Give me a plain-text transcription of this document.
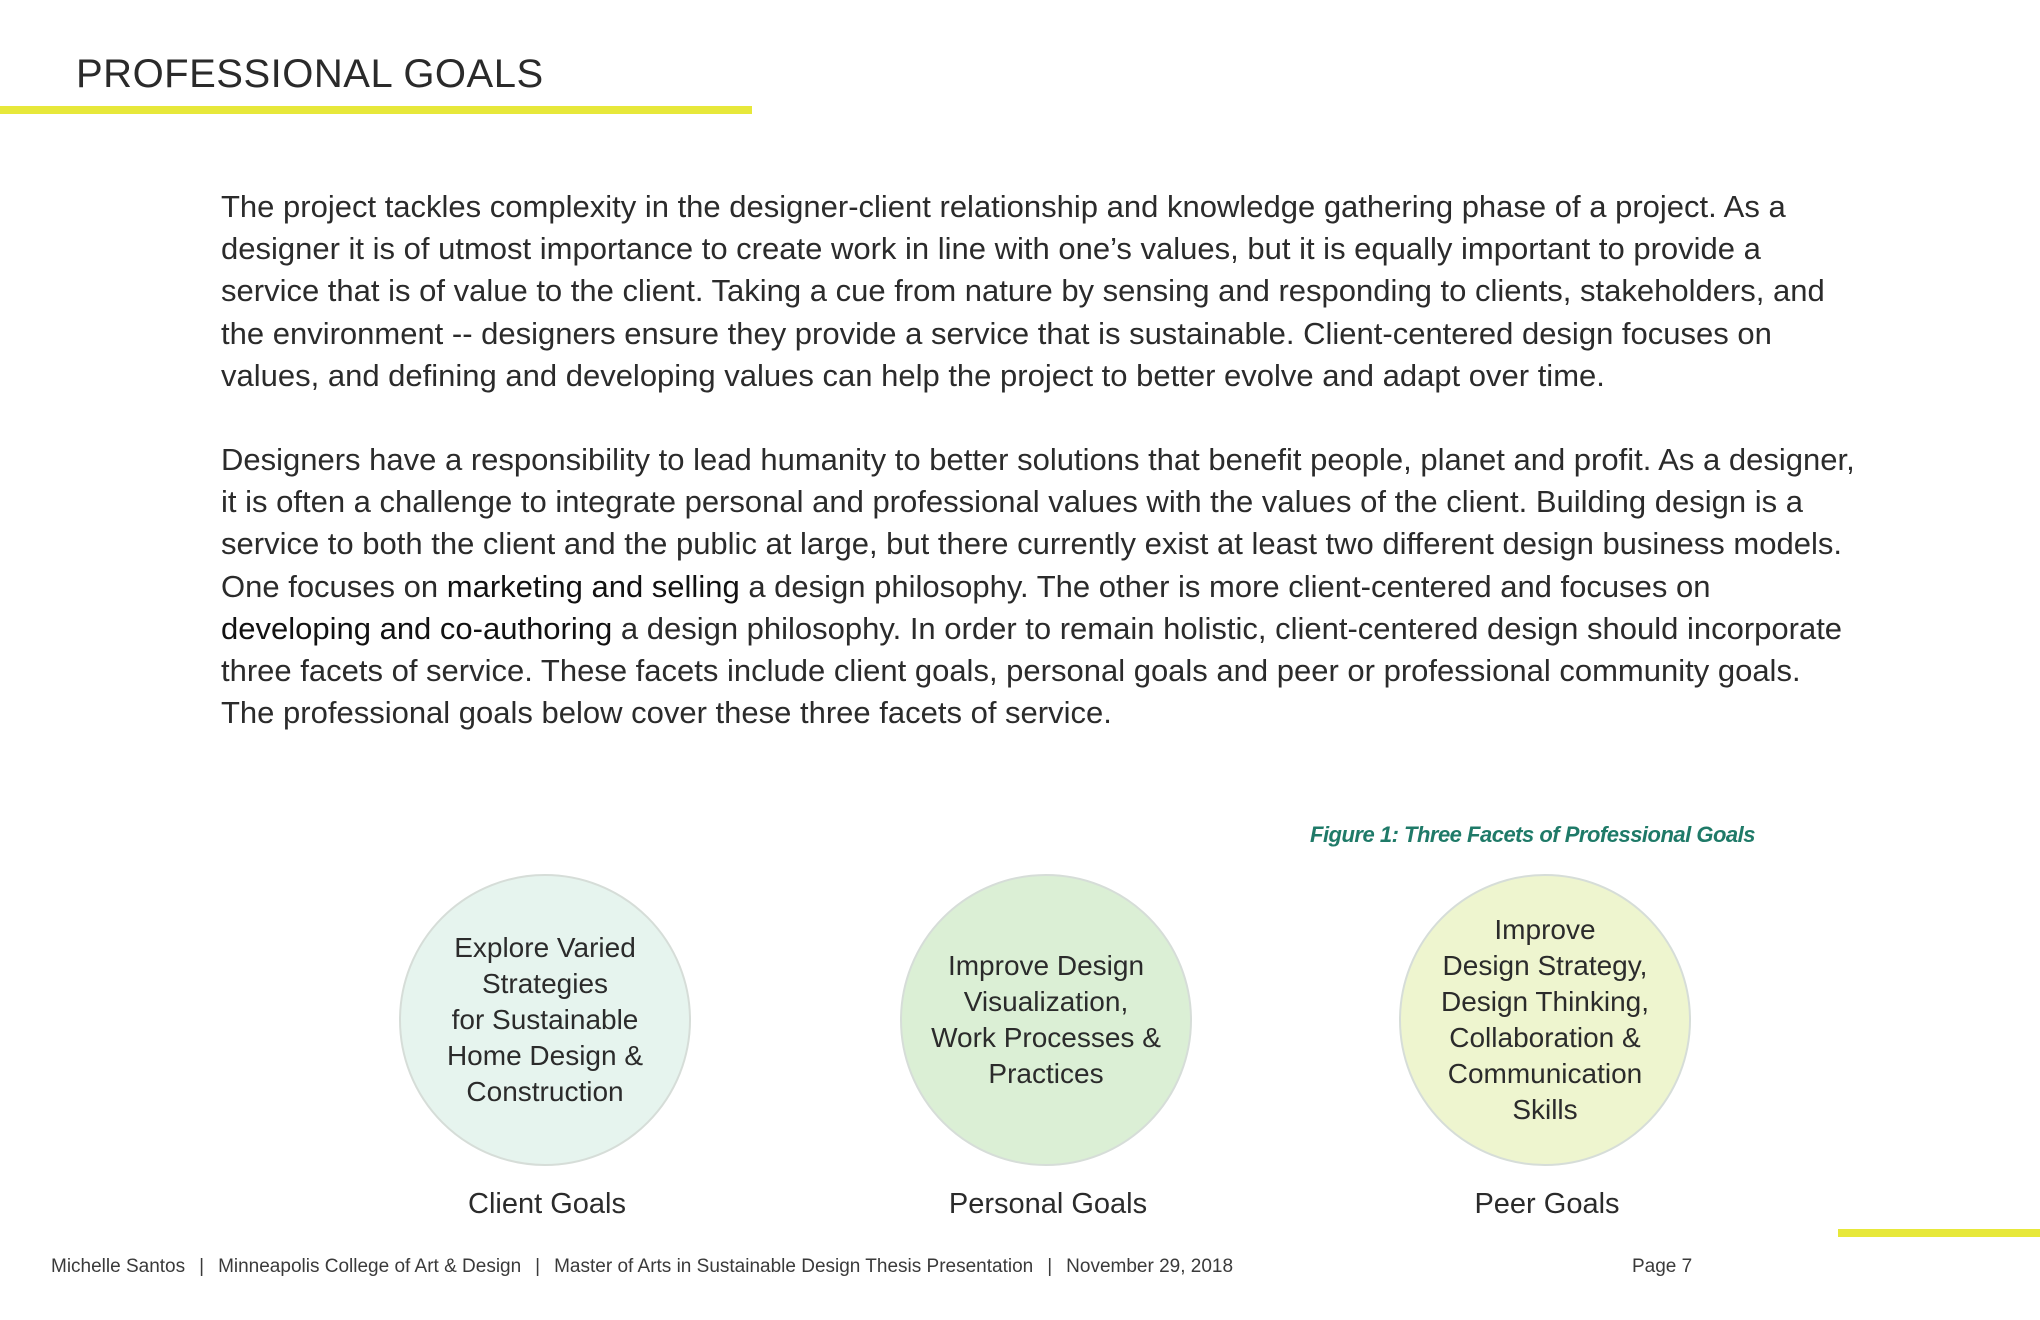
PROFESSIONAL GOALS

The project tackles complexity in the designer-client relationship and knowledge gathering phase of a project. As a designer it is of utmost importance to create work in line with one’s values, but it is equally important to provide a service that is of value to the client. Taking a cue from nature by sensing and responding to clients, stakeholders, and the environment -- designers ensure they provide a service that is sustainable. Client-centered design focuses on values, and defining and developing values can help the project to better evolve and adapt over time.

Designers have a responsibility to lead humanity to better solutions that benefit people, planet and profit. As a designer, it is often a challenge to integrate personal and professional values with the values of the client. Building design is a service to both the client and the public at large, but there currently exist at least two different design business models. One focuses on marketing and selling a design philosophy. The other is more client-centered and focuses on developing and co-authoring a design philosophy. In order to remain holistic, client-centered design should incorporate three facets of service. These facets include client goals, personal goals and peer or professional community goals. The professional goals below cover these three facets of service.

Figure 1: Three Facets of Professional Goals
Explore Varied
Strategies
for Sustainable
Home Design &
Construction
Client Goals
Improve Design
Visualization,
Work Processes &
Practices
Personal Goals
Improve
Design Strategy,
Design Thinking,
Collaboration &
Communication
Skills
Peer Goals
Michelle Santos | Minneapolis College of Art & Design | Master of Arts in Sustainable Design Thesis Presentation | November 29, 2018	Page 7
